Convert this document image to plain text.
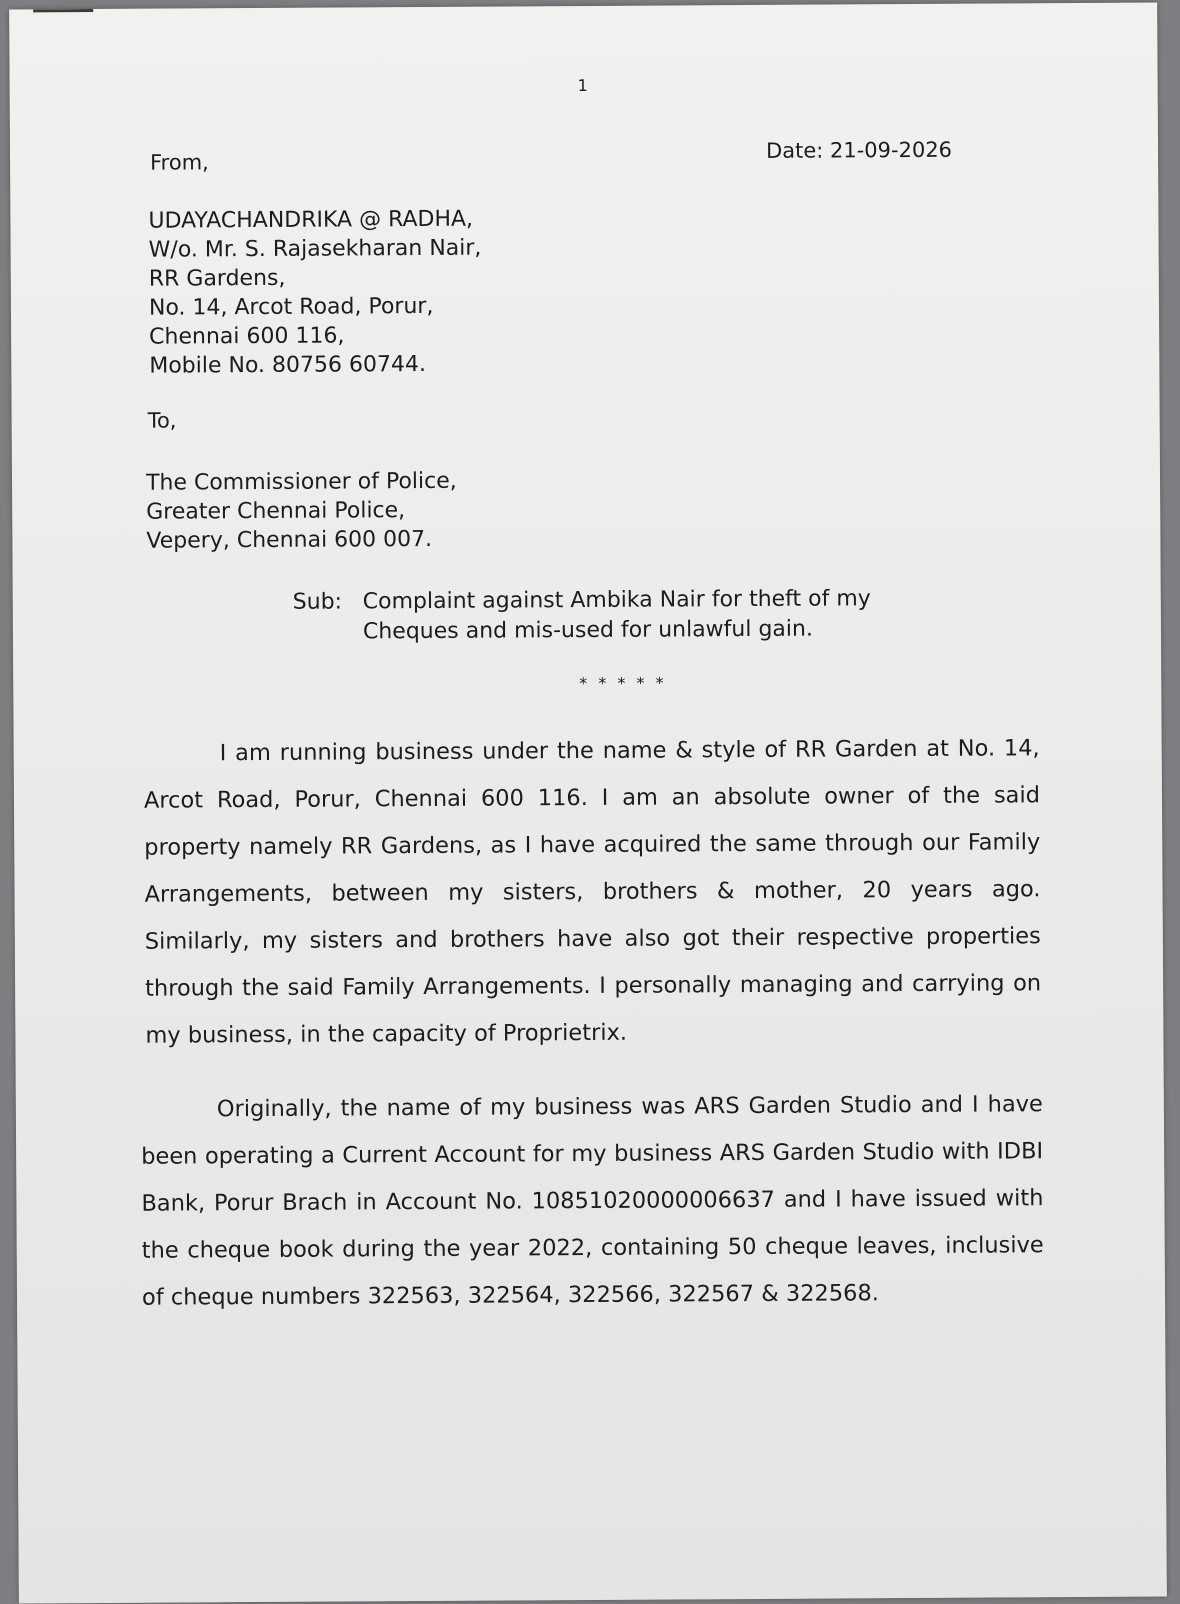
1
From,	Date: 21-09-2026
UDAYACHANDRIKA @ RADHA,
W/o. Mr. S. Rajasekharan Nair,
RR Gardens,
No. 14, Arcot Road, Porur,
Chennai 600 116,
Mobile No. 80756 60744.
To,
The Commissioner of Police,
Greater Chennai Police,
Vepery, Chennai 600 007.
Sub: Complaint against Ambika Nair for theft of my
Cheques and mis-used for unlawful gain.
* * * * *
I am running business under the name & style of RR Garden at No. 14, Arcot Road, Porur, Chennai 600 116. I am an absolute owner of the said property namely RR Gardens, as I have acquired the same through our Family Arrangements, between my sisters, brothers & mother, 20 years ago. Similarly, my sisters and brothers have also got their respective properties through the said Family Arrangements. I personally managing and carrying on my business, in the capacity of Proprietrix.
Originally, the name of my business was ARS Garden Studio and I have been operating a Current Account for my business ARS Garden Studio with IDBI Bank, Porur Brach in Account No. 10851020000006637 and I have issued with the cheque book during the year 2022, containing 50 cheque leaves, inclusive of cheque numbers 322563, 322564, 322566, 322567 & 322568.
